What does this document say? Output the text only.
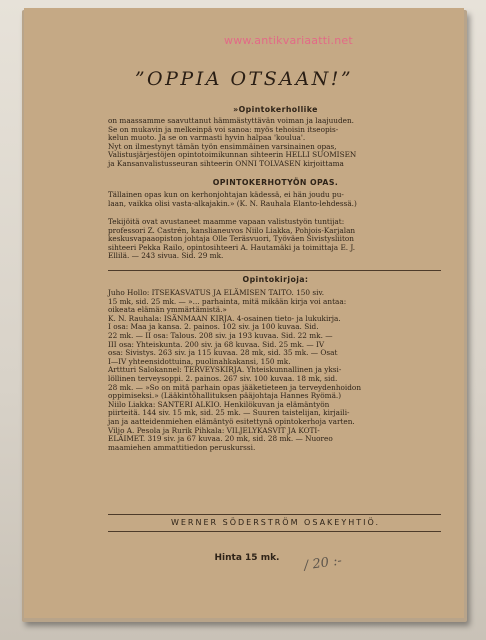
www.antikvariaatti.net
”OPPIA OTSAAN!”

»Opintokerhollike

on maassamme saavuttanut hämmästyttävän voiman ja laajuuden.

Se on mukavin ja melkeinpä voi sanoa: myös tehoisin itseopis-

kelun muoto. Ja se on varmasti hyvin halpaa 'koulua'.

Nyt on ilmestynyt tämän työn ensimmäinen varsinainen opas,

Valistusjärjestöjen opintotoimikunnan sihteerin HELLI SUOMISEN

ja Kansanvalistusseuran sihteerin ONNI TOLVASEN kirjoittama

OPINTOKERHOTYÖN OPAS.

Tällainen opas kun on kerhonjohtajan kädessä, ei hän joudu pu-

laan, vaikka olisi vasta-alkajakin.» (K. N. Rauhala Elanto-lehdessä.)

Tekijöitä ovat avustaneet maamme vapaan valistustyön tuntijat:

professori Z. Castrén, kanslianeuvos Niilo Liakka, Pohjois-Karjalan

keskusvapaaopiston johtaja Olle Teräsvuori, Työväen Sivistysliiton

sihteeri Pekka Railo, opintosihteeri A. Hautamäki ja toimittaja E. J.

Ellilä. — 243 sivua. Sid. 29 mk.

Opintokirjoja:

Juho Hollo: ITSEKASVATUS JA ELÄMISEN TAITO. 150 siv.

15 mk, sid. 25 mk. — »... parhainta, mitä mikään kirja voi antaa:

oikeata elämän ymmärtämistä.»

K. N. Rauhala: ISÄNMAAN KIRJA. 4-osainen tieto- ja lukukirja.

I osa: Maa ja kansa. 2. painos. 102 siv. ja 100 kuvaa. Sid.

22 mk. — II osa: Talous. 208 siv. ja 193 kuvaa. Sid. 22 mk. —

III osa: Yhteiskunta. 200 siv. ja 68 kuvaa. Sid. 25 mk. — IV

osa: Sivistys. 263 siv. ja 115 kuvaa. 28 mk, sid. 35 mk. — Osat

I—IV yhteensidottuina, puolinahkakansi, 150 mk.

Arttturi Salokannel: TERVEYSKIRJA. Yhteiskunnallinen ja yksi-

löllinen terveysoppi. 2. painos. 267 siv. 100 kuvaa. 18 mk, sid.

28 mk. — »So on mitä parhain opas jääketieteen ja terveydenhoidon

oppimiseksi.» (Lääkintöhallituksen pääjohtaja Hannes Ryömä.)

Niilo Liakka: SANTERI ALKIO. Henkilökuvan ja elämäntyön

piirteitä. 144 siv. 15 mk, sid. 25 mk. — Suuren taistelijan, kirjaili-

jan ja aatteidenmiehen elämäntyö esitettynä opintokerhoja varten.

Viljo A. Pesola ja Rurik Pihkala: VILJELYKASVIT JA KOTI-

ELÄIMET. 319 siv. ja 67 kuvaa. 20 mk, sid. 28 mk. — Nuoreo

maamiehen ammattitiedon peruskurssi.

WERNER SÖDERSTRÖM OSAKEYHTIÖ.
Hinta 15 mk.	/ 20 :-
